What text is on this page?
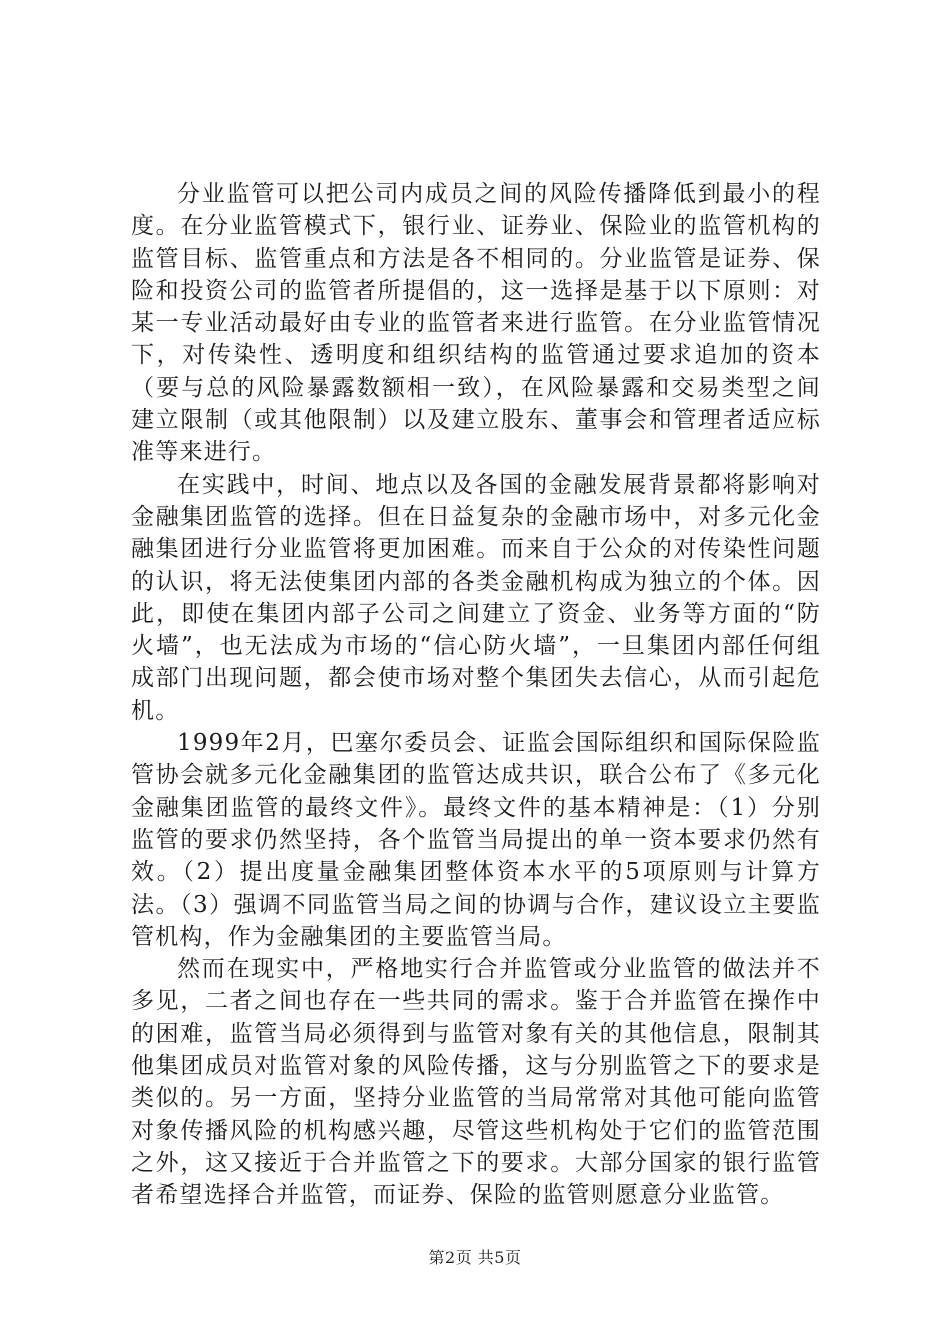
分业监管可以把公司内成员之间的风险传播降低到最小的程度。在分业监管模式下，银行业、证券业、保险业的监管机构的监管目标、监管重点和方法是各不相同的。分业监管是证券、保险和投资公司的监管者所提倡的，这一选择是基于以下原则：对某一专业活动最好由专业的监管者来进行监管。在分业监管情况下，对传染性、透明度和组织结构的监管通过要求追加的资本（要与总的风险暴露数额相一致），在风险暴露和交易类型之间建立限制（或其他限制）以及建立股东、董事会和管理者适应标准等来进行。

在实践中，时间、地点以及各国的金融发展背景都将影响对金融集团监管的选择。但在日益复杂的金融市场中，对多元化金融集团进行分业监管将更加困难。而来自于公众的对传染性问题的认识，将无法使集团内部的各类金融机构成为独立的个体。因此，即使在集团内部子公司之间建立了资金、业务等方面的“防火墙”，也无法成为市场的“信心防火墙”，一旦集团内部任何组成部门出现问题，都会使市场对整个集团失去信心，从而引起危机。

1999年2月，巴塞尔委员会、证监会国际组织和国际保险监管协会就多元化金融集团的监管达成共识，联合公布了《多元化金融集团监管的最终文件》。最终文件的基本精神是：（1）分别监管的要求仍然坚持，各个监管当局提出的单一资本要求仍然有效。（2）提出度量金融集团整体资本水平的5项原则与计算方法。（3）强调不同监管当局之间的协调与合作，建议设立主要监管机构，作为金融集团的主要监管当局。

然而在现实中，严格地实行合并监管或分业监管的做法并不多见，二者之间也存在一些共同的需求。鉴于合并监管在操作中的困难，监管当局必须得到与监管对象有关的其他信息，限制其他集团成员对监管对象的风险传播，这与分别监管之下的要求是类似的。另一方面，坚持分业监管的当局常常对其他可能向监管对象传播风险的机构感兴趣，尽管这些机构处于它们的监管范围之外，这又接近于合并监管之下的要求。大部分国家的银行监管者希望选择合并监管，而证券、保险的监管则愿意分业监管。

第2页 共5页
